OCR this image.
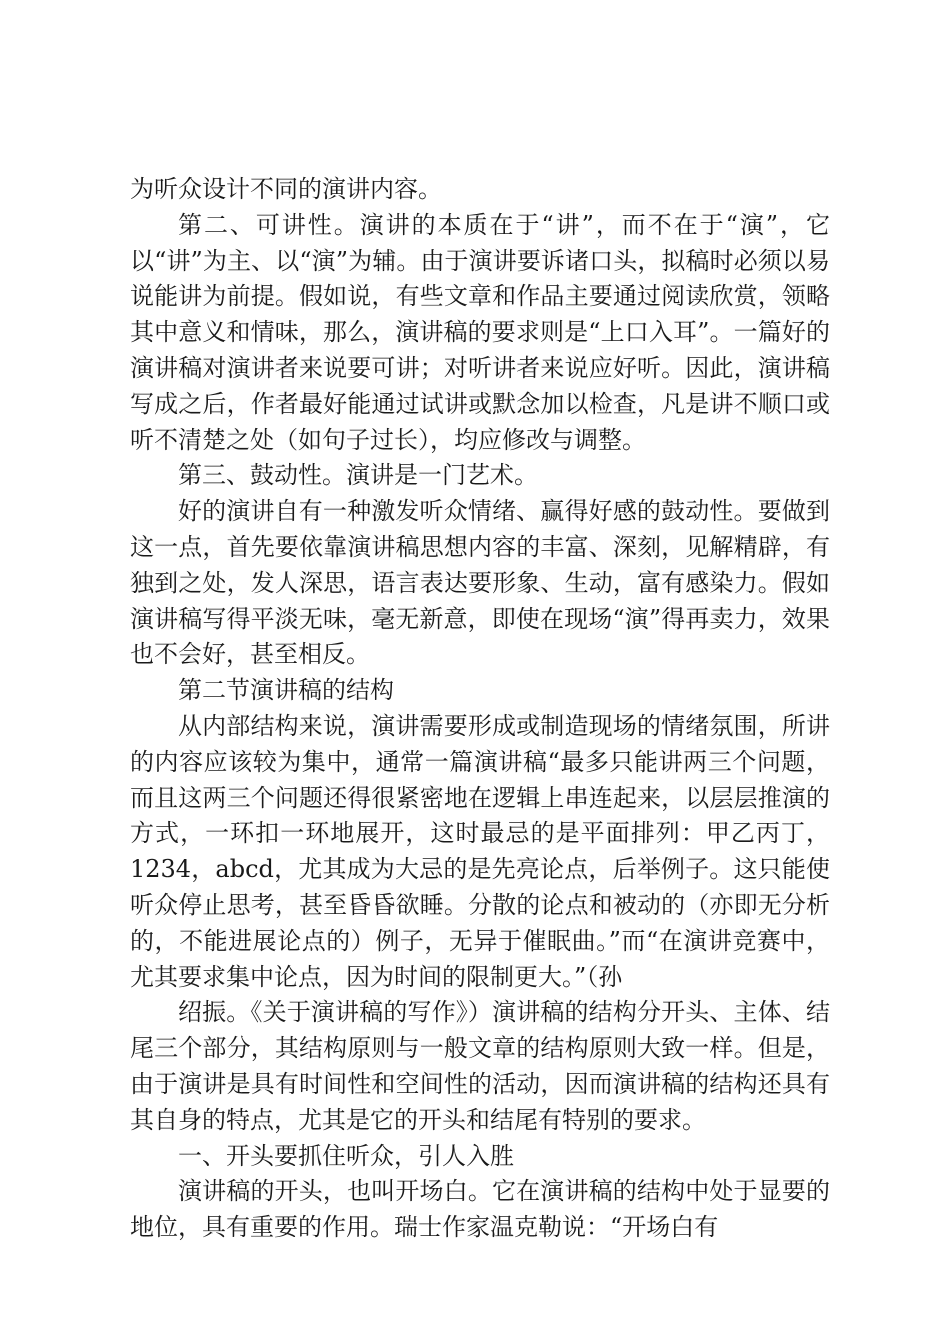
为听众设计不同的演讲内容。

第二、可讲性。演讲的本质在于“讲”，而不在于“演”，它以“讲”为主、以“演”为辅。由于演讲要诉诸口头，拟稿时必须以易说能讲为前提。假如说，有些文章和作品主要通过阅读欣赏，领略其中意义和情味，那么，演讲稿的要求则是“上口入耳”。一篇好的演讲稿对演讲者来说要可讲；对听讲者来说应好听。因此，演讲稿写成之后，作者最好能通过试讲或默念加以检查，凡是讲不顺口或听不清楚之处（如句子过长），均应修改与调整。

第三、鼓动性。演讲是一门艺术。

好的演讲自有一种激发听众情绪、赢得好感的鼓动性。要做到这一点，首先要依靠演讲稿思想内容的丰富、深刻，见解精辟，有独到之处，发人深思，语言表达要形象、生动，富有感染力。假如演讲稿写得平淡无味，毫无新意，即使在现场“演”得再卖力，效果也不会好，甚至相反。

第二节演讲稿的结构

从内部结构来说，演讲需要形成或制造现场的情绪氛围，所讲的内容应该较为集中，通常一篇演讲稿“最多只能讲两三个问题，而且这两三个问题还得很紧密地在逻辑上串连起来，以层层推演的方式，一环扣一环地展开，这时最忌的是平面排列：甲乙丙丁，1234，abcd，尤其成为大忌的是先亮论点，后举例子。这只能使听众停止思考，甚至昏昏欲睡。分散的论点和被动的（亦即无分析的，不能进展论点的）例子，无异于催眠曲。”而“在演讲竞赛中，尤其要求集中论点，因为时间的限制更大。”（孙

绍振。《关于演讲稿的写作》）演讲稿的结构分开头、主体、结尾三个部分，其结构原则与一般文章的结构原则大致一样。但是，由于演讲是具有时间性和空间性的活动，因而演讲稿的结构还具有其自身的特点，尤其是它的开头和结尾有特别的要求。

一、开头要抓住听众，引人入胜

演讲稿的开头，也叫开场白。它在演讲稿的结构中处于显要的地位，具有重要的作用。瑞士作家温克勒说：“开场白有
